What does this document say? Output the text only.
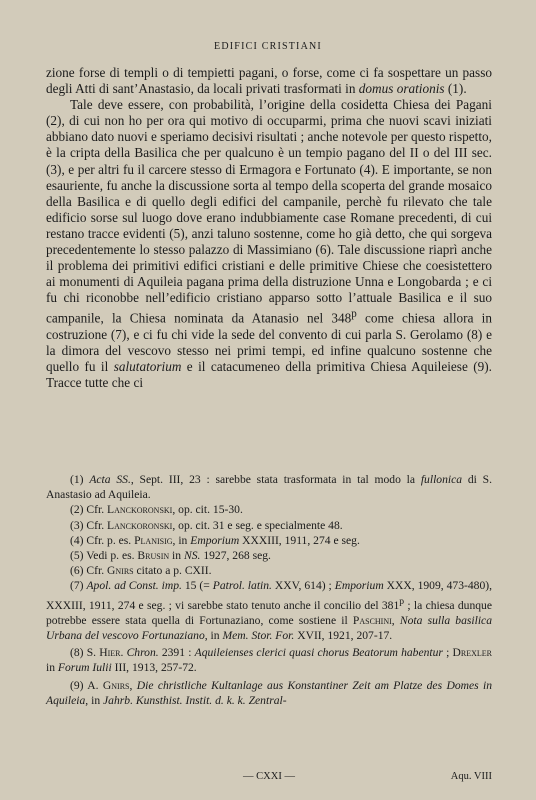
EDIFICI CRISTIANI

zione forse di templi o di tempietti pagani, o forse, come ci fa sospettare un passo degli Atti di sant’Anastasio, da locali privati trasformati in domus orationis (1).

Tale deve essere, con probabilità, l’origine della cosidetta Chiesa dei Pagani (2), di cui non ho per ora qui motivo di occuparmi, prima che nuovi scavi iniziati abbiano dato nuovi e speriamo decisivi risultati ; anche notevole per questo rispetto, è la cripta della Basilica che per qualcuno è un tempio pagano del II o del III sec. (3), e per altri fu il carcere stesso di Ermagora e Fortunato (4). E importante, se non esauriente, fu anche la discussione sorta al tempo della scoperta del grande mosaico della Basilica e di quello degli edifici del campanile, perchè fu rilevato che tale edificio sorse sul luogo dove erano indubbiamente case Romane precedenti, di cui restano tracce evidenti (5), anzi taluno sostenne, come ho già detto, che qui sorgeva precedentemente lo stesso palazzo di Massimiano (6). Tale discussione riaprì anche il problema dei primitivi edifici cristiani e delle primitive Chiese che coesistettero ai monumenti di Aquileia pagana prima della distruzione Unna e Longobarda ; e ci fu chi riconobbe nell’edificio cristiano apparso sotto l’attuale Basilica e il suo campanile, la Chiesa nominata da Atanasio nel 348$^p$ come chiesa allora in costruzione (7), e ci fu chi vide la sede del convento di cui parla S. Gerolamo (8) e la dimora del vescovo stesso nei primi tempi, ed infine qualcuno sostenne che quello fu il salutatorium e il catacumeneo della primitiva Chiesa Aquileiese (9). Tracce tutte che ci

(1) Acta SS., Sept. III, 23 : sarebbe stata trasformata in tal modo la fullonica di S. Anastasio ad Aquileia.

(2) Cfr. Lanckoronski, op. cit. 15-30.

(3) Cfr. Lanckoronski, op. cit. 31 e seg. e specialmente 48.

(4) Cfr. p. es. Planisig, in Emporium XXXIII, 1911, 274 e seg.

(5) Vedi p. es. Brusin in NS. 1927, 268 seg.

(6) Cfr. Gnirs citato a p. CXII.

(7) Apol. ad Const. imp. 15 (= Patrol. latin. XXV, 614) ; Emporium XXX, 1909, 473-480), XXXIII, 1911, 274 e seg. ; vi sarebbe stato tenuto anche il concilio del 381$^p$ ; la chiesa dunque potrebbe essere stata quella di Fortunaziano, come sostiene il Paschini, Nota sulla basilica Urbana del vescovo Fortunaziano, in Mem. Stor. For. XVII, 1921, 207-17.

(8) S. Hier. Chron. 2391 : Aquileienses clerici quasi chorus Beatorum habentur ; Drexler in Forum Iulii III, 1913, 257-72.

(9) A. Gnirs, Die christliche Kultanlage aus Konstantiner Zeit am Platze des Domes in Aquileia, in Jahrb. Kunsthist. Instit. d. k. k. Zentral-

— CXXI —	Aqu. VIII
